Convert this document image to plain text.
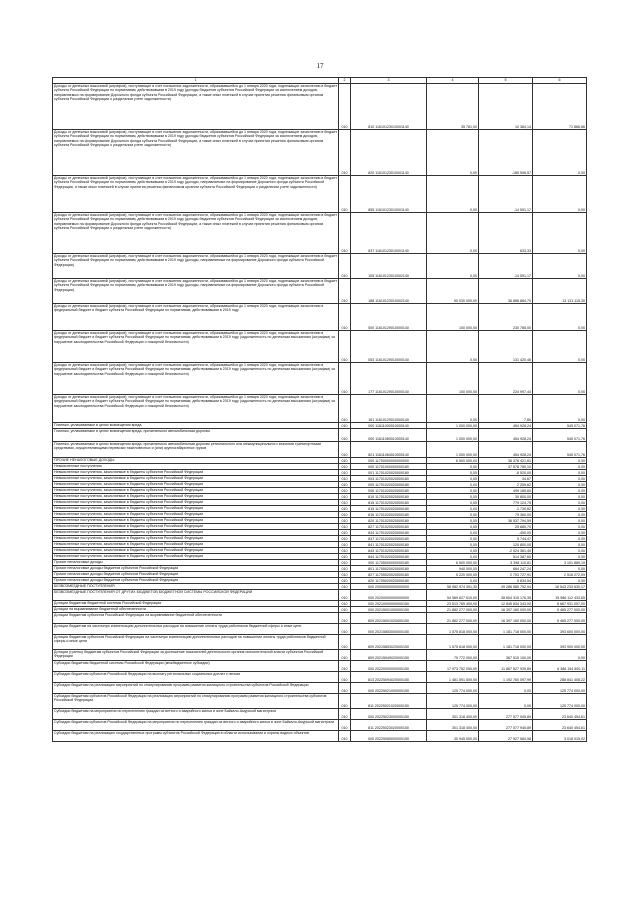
17
1	2	3	4	5	6
Доходы от денежных взысканий (штрафов), поступающие в счет погашения задолженности, образовавшейся до 1 января 2020 года, подлежащие зачислению в бюджет субъекта Российской Федерации по нормативам, действовавшим в 2019 году (доходы бюджетов субъектов Российской Федерации за исключением доходов, направляемых на формирование Дорожного фонда субъекта Российской Федерации, а также иных платежей в случае принятия решения финансовым органом субъекта Российской Федерации о раздельном учете задолженности)	010	810 11610123010001140	35 781,00	10 384,14	71 866,86
Доходы от денежных взысканий (штрафов), поступающие в счет погашения задолженности, образовавшейся до 1 января 2020 года, подлежащие зачислению в бюджет субъекта Российской Федерации по нормативам, действовавшим в 2019 году (доходы бюджетов субъектов Российской Федерации за исключением доходов, направляемых на формирование Дорожного фонда субъекта Российской Федерации, а также иных платежей в случае принятия решения финансовым органом субъекта Российской Федерации о раздельном учете задолженности)	010	820 11610123010001140	0,00	-185 596,57	0,00
Доходы от денежных взысканий (штрафов), поступающие в счет погашения задолженности, образовавшейся до 1 января 2020 года, подлежащие зачислению в бюджет субъекта Российской Федерации по нормативам, действовавшим в 2019 году (доходы, направляемые на формирование Дорожного фонда субъекта Российской Федерации, а также иных платежей в случае принятия решения финансовым органом субъекта Российской Федерации о раздельном учете задолженности)	010	855 11610123010001140	0,00	-14 591,17	0,00
Доходы от денежных взысканий (штрафов), поступающие в счет погашения задолженности, образовавшейся до 1 января 2020 года, подлежащие зачислению в бюджет субъекта Российской Федерации по нормативам, действовавшим в 2019 году (доходы бюджетов субъектов Российской Федерации за исключением доходов, направляемых на формирование Дорожного фонда субъекта Российской Федерации, а также иных платежей в случае принятия решения финансовым органом субъекта Российской Федерации о раздельном учете задолженности)	010	837 11610123010001140	0,00	633,33	0,00
Доходы от денежных взысканий (штрафов), поступающие в счет погашения задолженности, образовавшейся до 1 января 2020 года, подлежащие зачислению в бюджет субъекта Российской Федерации по нормативам, действовавшим в 2019 году (доходы, направляемые на формирование Дорожного фонда субъекта Российской Федерации)	010	105 11610123010002140	0,00	-14 591,17	0,00
Доходы от денежных взысканий (штрафов), поступающие в счет погашения задолженности, образовавшейся до 1 января 2020 года, подлежащие зачислению в бюджет субъекта Российской Федерации по нормативам, действовавшим в 2019 году (доходы, направляемые на формирование Дорожного фонда субъекта Российской Федерации)	010	188 11610123010002140	50 030 000,00	36 888 884,70	13 131 115,30
Доходы от денежных взысканий (штрафов), поступающие в счет погашения задолженности, образовавшейся до 1 января 2020 года, подлежащие зачислению в федеральный бюджет и бюджет субъекта Российской Федерации по нормативам, действовавшим в 2019 году	010	000 11610129010000140	100 000,00	230 785,00	0,00
Доходы от денежных взысканий (штрафов), поступающие в счет погашения задолженности, образовавшейся до 1 января 2020 года, подлежащие зачислению в федеральный бюджет и бюджет субъекта Российской Федерации по нормативам, действовавшим в 2019 году (задолженность по денежным взысканиям (штрафам) за нарушение законодательства Российской Федерации о пожарной безопасности)	010	053 11610129010000140	0,00	131 420,46	0,00
Доходы от денежных взысканий (штрафов), поступающие в счет погашения задолженности, образовавшейся до 1 января 2020 года, подлежащие зачислению в федеральный бюджет и бюджет субъекта Российской Федерации по нормативам, действовавшим в 2019 году (задолженность по денежным взысканиям (штрафам) за нарушение законодательства Российской Федерации о пожарной безопасности)	010	177 11610129010000140	100 000,00	224 997,44	0,00
Доходы от денежных взысканий (штрафов), поступающие в счет погашения задолженности, образовавшейся до 1 января 2020 года, подлежащие зачислению в федеральный бюджет и бюджет субъекта Российской Федерации по нормативам, действовавшим в 2019 году (задолженность по денежным взысканиям (штрафам) за нарушение законодательства Российской Федерации о пожарной безопасности)	010	161 11610129010000140	0,00	7,80	0,00
Платежи, уплачиваемые в целях возмещения вреда	010	000 11611000010000140	1 000 000,00	454 928,24	545 071,76
Платежи, уплачиваемые в целях возмещения вреда, причиняемого автомобильным дорогам	010	000 11611060010000140	1 000 000,00	454 928,24	545 071,76
Платежи, уплачиваемые в целях возмещения вреда, причиняемого автомобильным дорогам регионального или межмуниципального значения транспортными средствами, осуществляющими перевозки тяжеловесных и (или) крупногабаритных грузов	010	821 11611064010000140	1 000 000,00	454 928,24	545 071,76
ПРОЧИЕ НЕНАЛОГОВЫЕ ДОХОДЫ	010	000 11700000000000000	6 500 000,00	36 376 421,81	0,00
Невыясненные поступления	010	000 11701000000000180	0,00	37 578 780,10	0,00
Невыясненные поступления, зачисляемые в бюджеты субъектов Российской Федерации	010	001 11701020020000180	0,00	-8 520,00	0,00
Невыясненные поступления, зачисляемые в бюджеты субъектов Российской Федерации	010	003 11701020020000180	0,00	34,67	0,00
Невыясненные поступления, зачисляемые в бюджеты субъектов Российской Федерации	010	005 11701020020000180	0,00	2 259,62	0,00
Невыясненные поступления, зачисляемые в бюджеты субъектов Российской Федерации	010	006 11701020020000180	0,00	499 185,60	0,00
Невыясненные поступления, зачисляемые в бюджеты субъектов Российской Федерации	010	810 11701020020000180	0,00	30 800,00	0,00
Невыясненные поступления, зачисляемые в бюджеты субъектов Российской Федерации	010	815 11701020020000180	0,00	779 124,75	0,00
Невыясненные поступления, зачисляемые в бюджеты субъектов Российской Федерации	010	815 11701020020000180	0,00	-1 730,82	0,00
Невыясненные поступления, зачисляемые в бюджеты субъектов Российской Федерации	010	816 11701020020000180	0,00	79 360,00	0,00
Невыясненные поступления, зачисляемые в бюджеты субъектов Российской Федерации	010	820 11701020020000180	0,00	36 537 794,59	0,00
Невыясненные поступления, зачисляемые в бюджеты субъектов Российской Федерации	010	827 11701020020000180	0,00	25 680,70	0,00
Невыясненные поступления, зачисляемые в бюджеты субъектов Российской Федерации	010	834 11701020020000180	0,00	-450,00	0,00
Невыясненные поступления, зачисляемые в бюджеты субъектов Российской Федерации	010	837 11701020020000180	0,00	5 744,47	0,00
Невыясненные поступления, зачисляемые в бюджеты субъектов Российской Федерации	010	841 11701020020000180	0,00	120 800,00	0,00
Невыясненные поступления, зачисляемые в бюджеты субъектов Российской Федерации	010	843 11701020020000180	0,00	-2 024 361,40	0,00
Невыясненные поступления, зачисляемые в бюджеты субъектов Российской Федерации	010	844 11701020020000180	0,00	514 387,60	0,00
Прочие неналоговые доходы	010	000 11705000000000180	6 500 000,00	3 398 110,81	3 101 889,19
Прочие неналоговые доходы бюджетов субъектов Российской Федерации	010	801 11705020020000180	940 000,00	664 247,24	0,00
Прочие неналоговые доходы бюджетов субъектов Российской Федерации	010	827 11705020020000180	5 220 000,00	2 703 727,91	2 516 272,09
Прочие неналоговые доходы бюджетов субъектов Российской Федерации	010	820 11705020020000180	0,00	5 834,54	0,00
БЕЗВОЗМЕЗДНЫЕ ПОСТУПЛЕНИЯ	010	000 20000000000000000	58 982 974 391,30	49 286 585 752,94	16 543 233 630,17
БЕЗВОЗМЕЗДНЫЕ ПОСТУПЛЕНИЯ ОТ ДРУГИХ БЮДЖЕТОВ БЮДЖЕТНОЙ СИСТЕМЫ РОССИЙСКОЙ ФЕДЕРАЦИИ	010	000 20200000000000000	54 589 627 610,00	38 604 315 176,35	15 986 112 433,65
Дотации бюджетам бюджетной системы Российской Федерации	010	000 20210000000000150	23 513 765 400,00	12 845 834 343,00	8 667 931 057,00
Дотации на выравнивание бюджетной обеспеченности	010	000 20215001000000150	21 882 277 000,00	16 397 160 000,00	5 465 277 000,00
Дотации бюджетам субъектов Российской Федерации на выравнивание бюджетной обеспеченности	010	809 20215001020000150	21 862 277 000,00	16 397 160 000,00	5 465 277 000,00
Дотации бюджетам на частичную компенсацию дополнительных расходов на повышение оплаты труда работников бюджетной сферы и иные цели	010	000 20215853000000150	1 575 818 000,00	1 181 718 000,00	393 600 000,00
Дотации бюджетам субъектов Российской Федерации на частичную компенсацию дополнительных расходов на повышение оплаты труда работников бюджетной сферы и иные цели	010	809 20215853020000150	1 575 618 000,00	1 181 718 000,00	393 900 000,00
Дотации (гранты) бюджетам субъектов Российской Федерации за достижение показателей деятельности органов исполнительной власти субъектов Российской Федерации	010	809 20215549020000150	75 772 000,00	367 515 100,00	0,00
Субсидии бюджетам бюджетной системы Российской Федерации (межбюджетные субсидии)	010	000 20220000000000150	17 973 752 050,00	11 867 627 939,89	6 386 154 500,11
Субсидии бюджетам субъектов Российской Федерации на выплату региональных социальных доплат к пенсии	010	813 20225094020000150	1 481 591 500,00	1 192 760 097,99	288 841 408,22
Субсидии бюджетам на реализацию мероприятий по стимулированию программ развития жилищного строительства субъектов Российской Федерации	010	000 20225021000000150	125 774 000,00	0,00	125 774 000,00
Субсидии бюджетам субъектов Российской Федерации на реализацию мероприятий по стимулированию программ развития жилищного строительства субъектов Российской Федерации	010	811 20225021020000150	125 774 000,00	0,00	125 774 000,00
Субсидии бюджетам на мероприятия по переселению граждан из ветхого и аварийного жилья в зоне Байкало-Амурской магистрали	010	000 20225023000000150	301 318 400,00	277 577 945,89	23 640 454,61
Субсидии бюджетам субъектов Российской Федерации на мероприятия по переселению граждан из ветхого и аварийного жилья в зоне Байкало-Амурской магистрали	010	811 20225023020000150	301 318 400,00	277 577 945,89	23 640 454,61
Субсидии бюджетам на реализацию государственных программ субъектов Российской Федерации в области использования и охраны водных объектов	010	000 20225065000000150	30 945 500,00	27 927 584,98	3 018 015,02
